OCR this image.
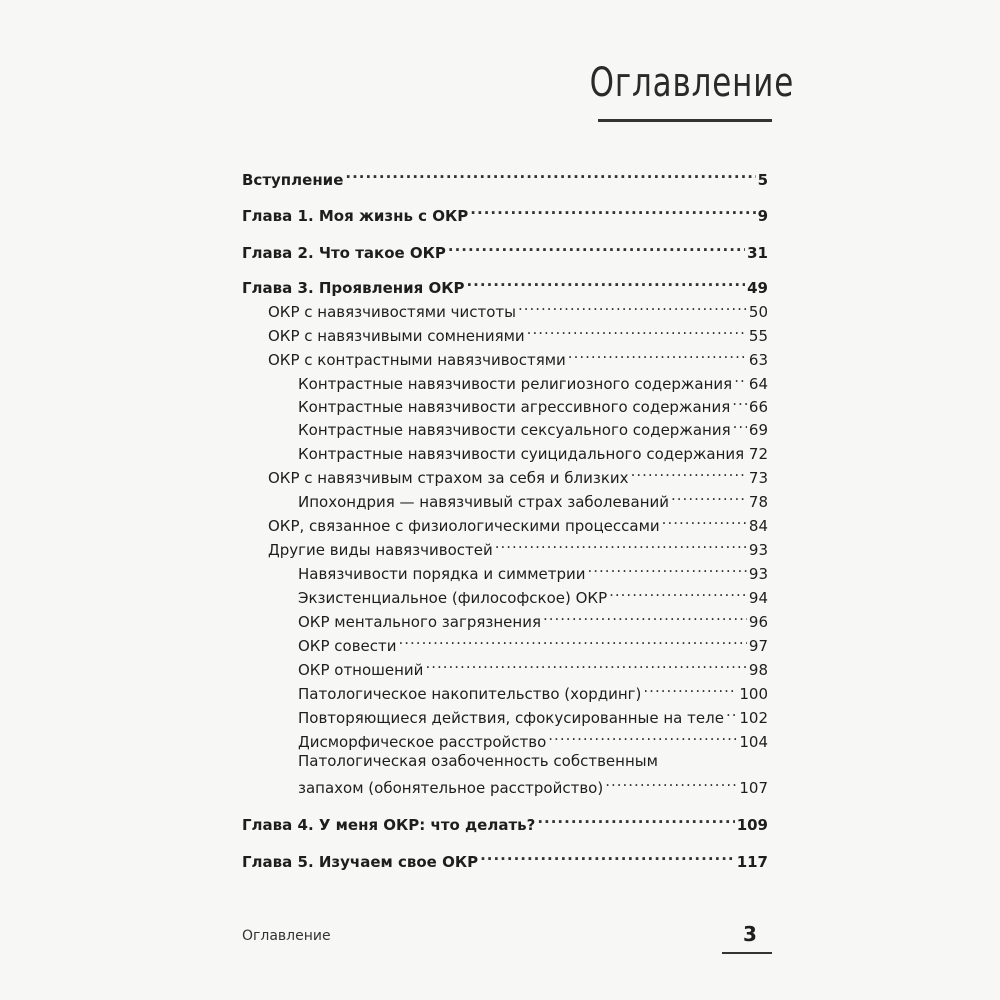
Оглавление
Вступление .....	5
Глава 1. Моя жизнь с ОКР .....	9
Глава 2. Что такое ОКР .....	31
Глава 3. Проявления ОКР .....	49
ОКР с навязчивостями чистоты .....	50
ОКР с навязчивыми сомнениями .....	55
ОКР с контрастными навязчивостями .....	63
Контрастные навязчивости религиозного содержания ..... 64
Контрастные навязчивости агрессивного содержания ..... 66
Контрастные навязчивости сексуального содержания ..... 69
Контрастные навязчивости суицидального содержания ..... 72
ОКР с навязчивым страхом за себя и близких .....	73
Ипохондрия — навязчивый страх заболеваний .....	78
ОКР, связанное с физиологическими процессами .....	84
Другие виды навязчивостей .....	93
Навязчивости порядка и симметрии .....	93
Экзистенциальное (философское) ОКР .....	94
ОКР ментального загрязнения .....	96
ОКР совести .....	97
ОКР отношений .....	98
Патологическое накопительство (хординг) .....	100
Повторяющиеся действия, сфокусированные на теле ..... 102
Дисморфическое расстройство .....	104
Патологическая озабоченность собственным
запахом (обонятельное расстройство) .....	107
Глава 4. У меня ОКР: что делать? .....	109
Глава 5. Изучаем свое ОКР .....	117
Оглавление	3
